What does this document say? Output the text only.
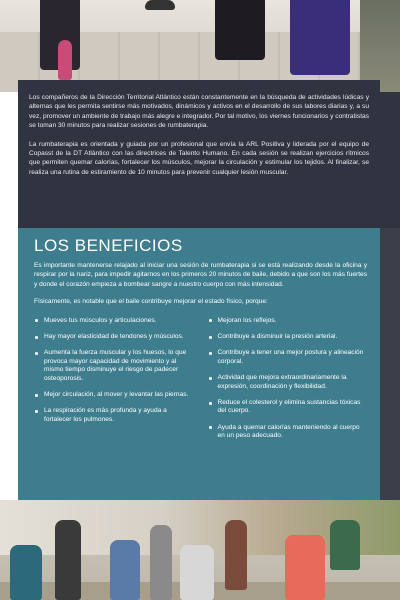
Los compañeros de la Dirección Territorial Atlántico están constantemente en la búsqueda de actividades lúdicas y alternas que les permita sentirse más motivados, dinámicos y activos en el desarrollo de sus labores diarias y, a su vez, promover un ambiente de trabajo más alegre e integrador. Por tal motivo, los viernes funcionarios y contratistas se toman 30 minutos para realizar sesiones de rumbaterapia.

La rumbaterapia es orientada y guiada por un profesional que envía la ARL Positiva y liderada por el equipo de Copasst de la DT Atlántico con las directrices de Talento Humano. En cada sesión se realizan ejercicios rítmicos que permiten quemar calorías, fortalecer los músculos, mejorar la circulación y estimular los tejidos. Al finalizar, se realiza una rutina de estiramiento de 10 minutos para prevenir cualquier lesión muscular.

LOS BENEFICIOS

Es importante mantenerse relajado al iniciar una sesión de rumbaterapia si se está realizando desde la oficina y respirar por la nariz, para impedir agitarnos en los primeros 20 minutos de baile, debido a que son los más fuertes y donde el corazón empieza a bombear sangre a nuestro cuerpo con más intensidad.

Físicamente, es notable que el baile contribuye mejorar el estado físico, porque:

Mueves tus músculos y articulaciones.
Hay mayor elasticidad de tendones y músculos.
Aumenta la fuerza muscular y los huesos, lo que provoca mayor capacidad de movimiento y al mismo tiempo disminuye el riesgo de padecer osteoporosis.
Mejor circulación, al mover y levantar las piernas.
La respiración es más profunda y ayuda a fortalecer los pulmones.
Mejoran los reflejos.
Contribuye a disminuir la presión arterial.
Contribuye a tener una mejor postura y alineación corporal.
Actividad que mejora extraordinariamente la expresión, coordinación y flexibilidad.
Reduce el colesterol y elimina sustancias tóxicas del cuerpo.
Ayuda a quemar calorías manteniendo al cuerpo en un peso adecuado.
